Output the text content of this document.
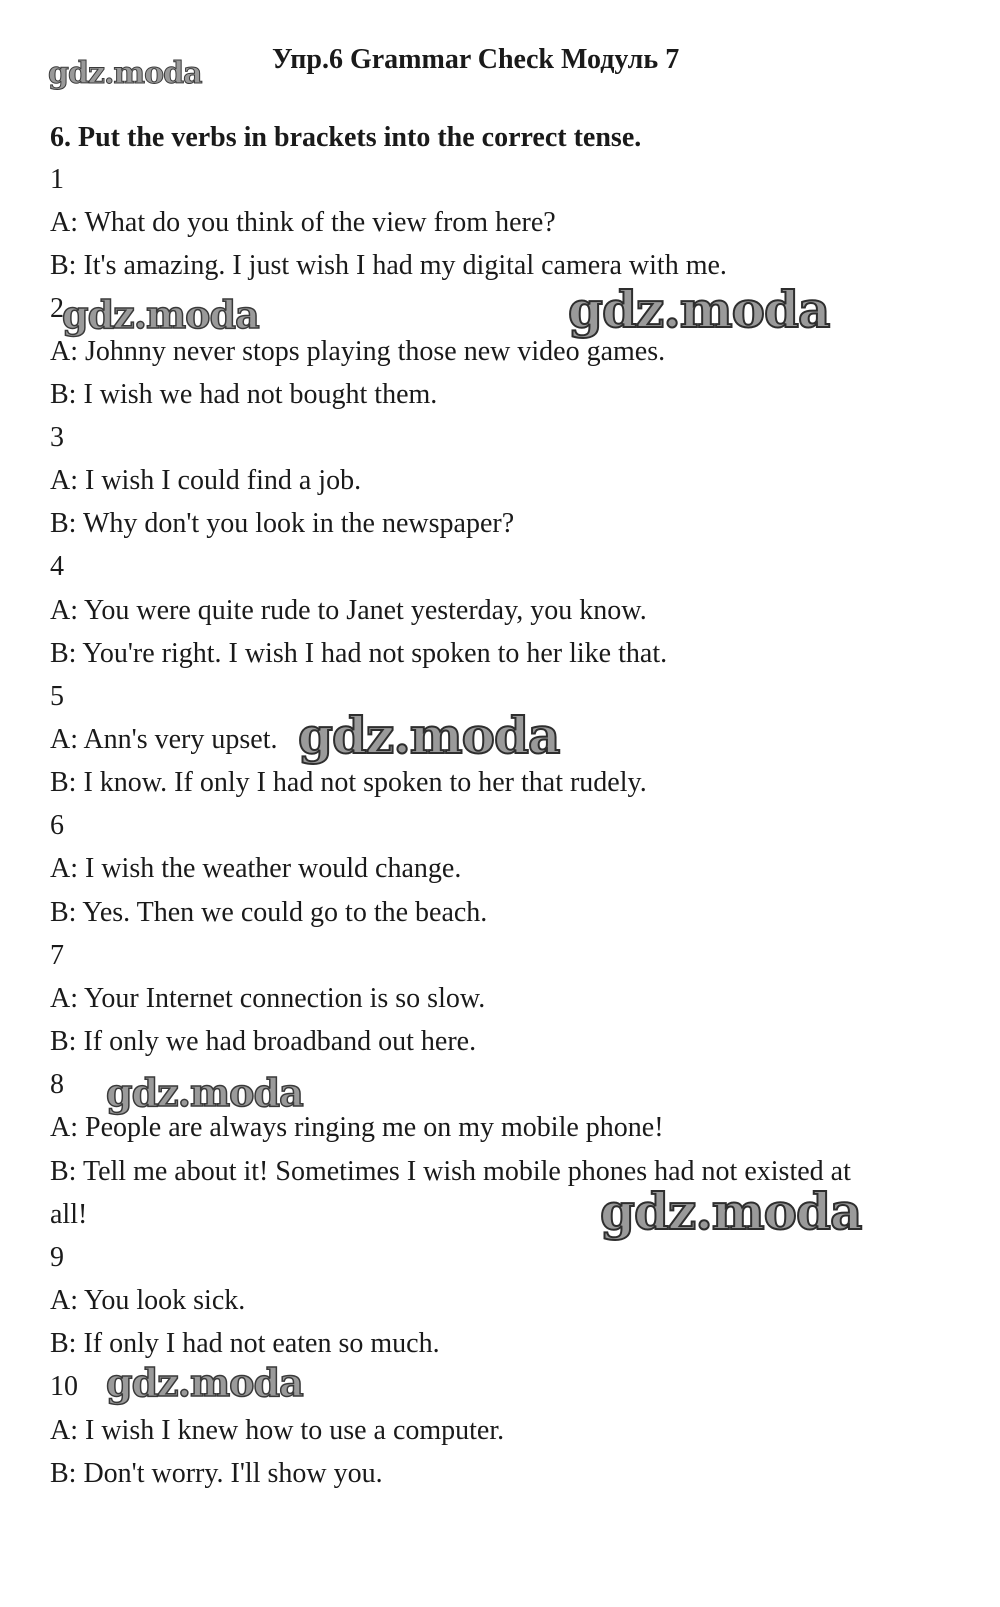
Упр.6 Grammar Check Модуль 7
6. Put the verbs in brackets into the correct tense.
1
A: What do you think of the view from here?
B: It's amazing. I just wish I had my digital camera with me.
2
A: Johnny never stops playing those new video games.
B: I wish we had not bought them.
3
A: I wish I could find a job.
B: Why don't you look in the newspaper?
4
A: You were quite rude to Janet yesterday, you know.
B: You're right. I wish I had not spoken to her like that.
5
A: Ann's very upset.
B: I know. If only I had not spoken to her that rudely.
6
A: I wish the weather would change.
B: Yes. Then we could go to the beach.
7
A: Your Internet connection is so slow.
B: If only we had broadband out here.
8
A: People are always ringing me on my mobile phone!
B: Tell me about it! Sometimes I wish mobile phones had not existed at
all!
9
A: You look sick.
B: If only I had not eaten so much.
10
A: I wish I knew how to use a computer.
B: Don't worry. I'll show you.
gdz.moda
gdz.moda	gdz.moda
gdz.moda
gdz.moda
gdz.moda
gdz.moda
